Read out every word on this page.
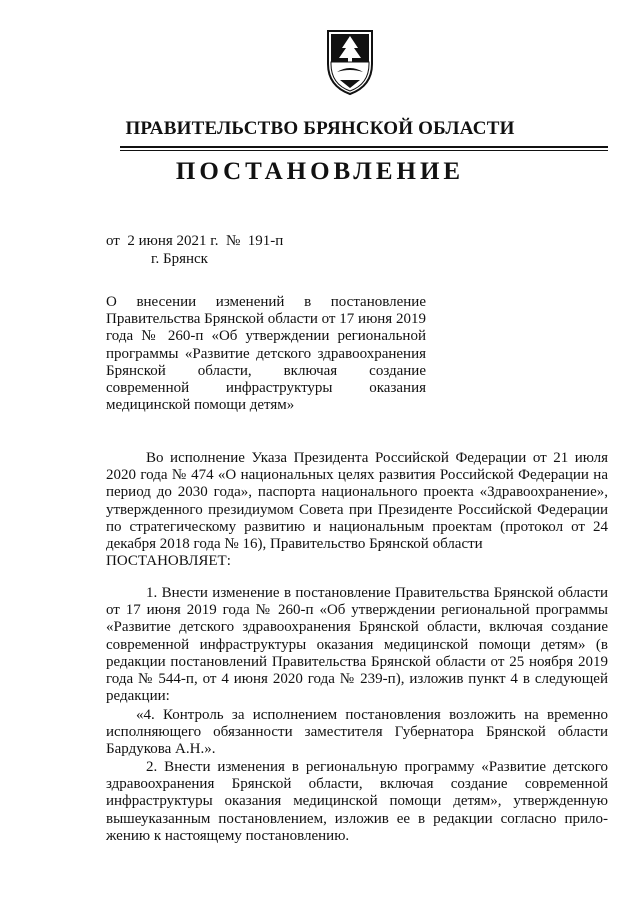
ПРАВИТЕЛЬСТВО БРЯНСКОЙ ОБЛАСТИ
ПОСТАНОВЛЕНИЕ
от  2 июня 2021 г.  №  191-п
г. Брянск

О внесении изменений в постановление Правительства Брянской области от 17 июня 2019 года № 260-п «Об утверждении региональной программы «Развитие детского здравоохранения Брянской области, включая создание современной инфраструктуры оказания медицинской помощи детям»

Во исполнение Указа Президента Российской Федерации от 21 июля 2020 года № 474 «О национальных целях развития Российской Федерации на период до 2030 года», паспорта национального проекта «Здравоохранение», утвержденного президиумом Совета при Президенте Российской Федерации по стратегическому развитию и национальным проектам (протокол от 24 декабря 2018 года № 16), Правительство Брянской области
ПОСТАНОВЛЯЕТ:

1. Внести изменение в постановление Правительства Брянской области от 17 июня 2019 года № 260-п «Об утверждении региональной программы «Развитие детского здравоохранения Брянской области, включая создание современной инфраструктуры оказания медицинской помощи детям» (в редакции постановлений Правительства Брянской области от 25 ноября 2019 года № 544-п, от 4 июня 2020 года № 239-п), изложив пункт 4 в следующей редакции:

«4. Контроль за исполнением постановления возложить на временно исполняющего обязанности заместителя Губернатора Брянской области Бардукова А.Н.».

2. Внести изменения в региональную программу «Развитие детского здравоохранения Брянской области, включая создание современной инфраструктуры оказания медицинской помощи детям», утвержденную вышеуказанным постановлением, изложив ее в редакции согласно приложению к настоящему постановлению.
